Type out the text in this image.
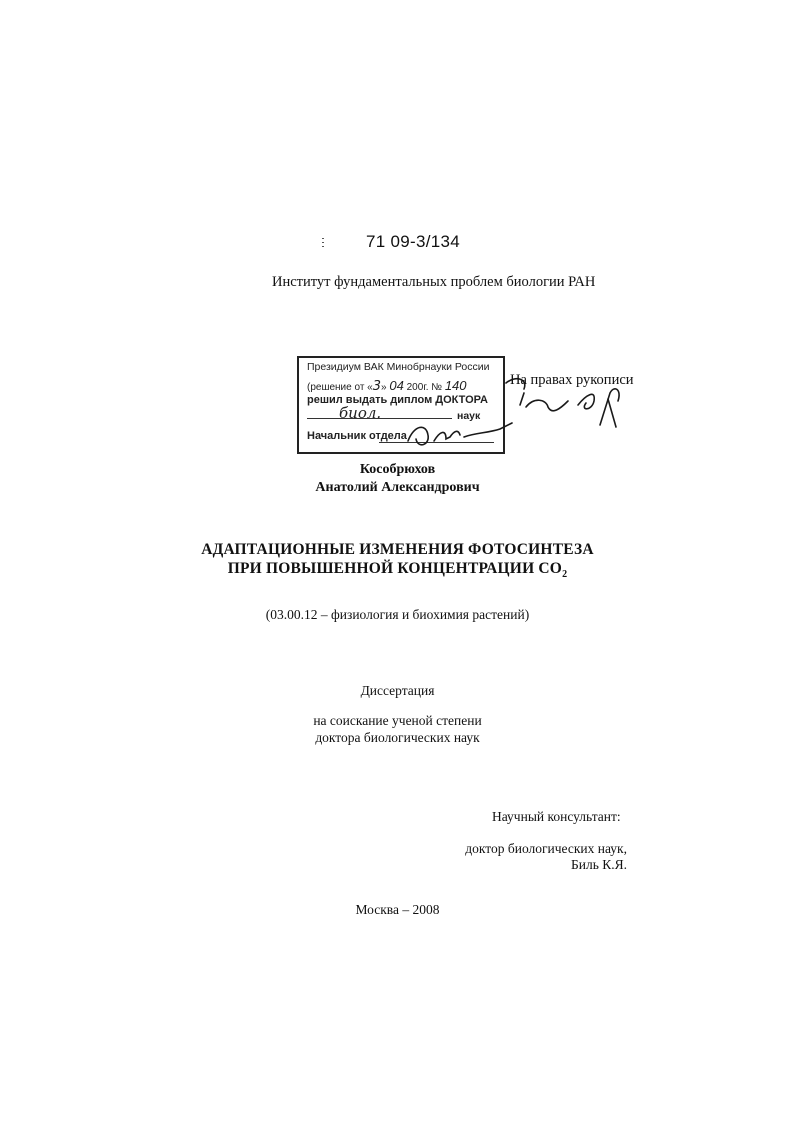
71 09-3/134
Институт фундаментальных проблем биологии РАН
Президиум ВАК Минобрнауки России
(решение от «3» 04 200г. № 140
решил выдать диплом ДОКТОРА
биол.	наук
Начальник отдела
На правах рукописи
Кособрюхов
Анатолий Александрович
АДАПТАЦИОННЫЕ ИЗМЕНЕНИЯ ФОТОСИНТЕЗА
ПРИ ПОВЫШЕННОЙ КОНЦЕНТРАЦИИ $CO_2$
(03.00.12 – физиология и биохимия растений)
Диссертация
на соискание ученой степени
доктора биологических наук
Научный консультант:
доктор биологических наук,
Биль К.Я.
Москва – 2008
